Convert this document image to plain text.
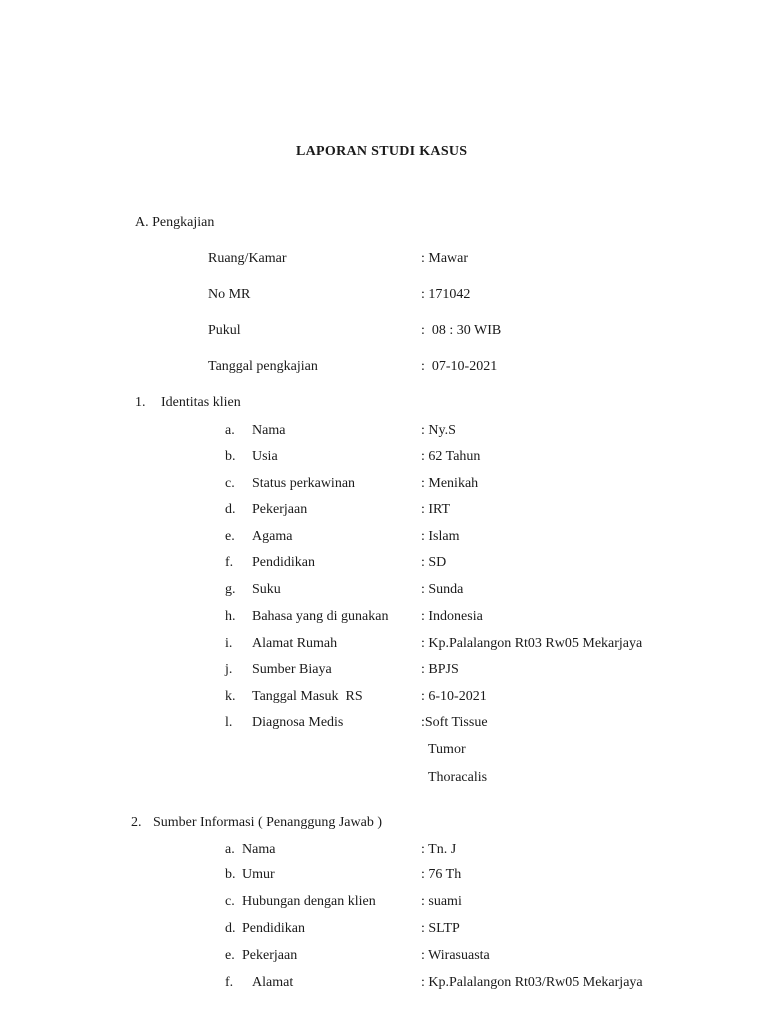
LAPORAN STUDI KASUS
A. Pengkajian
Ruang/Kamar	: Mawar
No MR	: 171042
Pukul	:  08 : 30 WIB
Tanggal pengkajian	:  07-10-2021
1. Identitas klien
a. Nama	: Ny.S
b. Usia	: 62 Tahun
c. Status perkawinan	: Menikah
d. Pekerjaan	: IRT
e. Agama	: Islam
f. Pendidikan	: SD
g. Suku	: Sunda
h. Bahasa yang di gunakan : Indonesia
i. Alamat Rumah	: Kp.Palalangon Rt03 Rw05 Mekarjaya
j. Sumber Biaya	: BPJS
k. Tanggal Masuk  RS	: 6-10-2021
l. Diagnosa Medis	:Soft Tissue
Tumor
Thoracalis
2. Sumber Informasi ( Penanggung Jawab )
a. Nama	: Tn. J
b. Umur	: 76 Th
c. Hubungan dengan klien	: suami
d. Pendidikan	: SLTP
e. Pekerjaan	: Wirasuasta
f. Alamat	: Kp.Palalangon Rt03/Rw05 Mekarjaya
